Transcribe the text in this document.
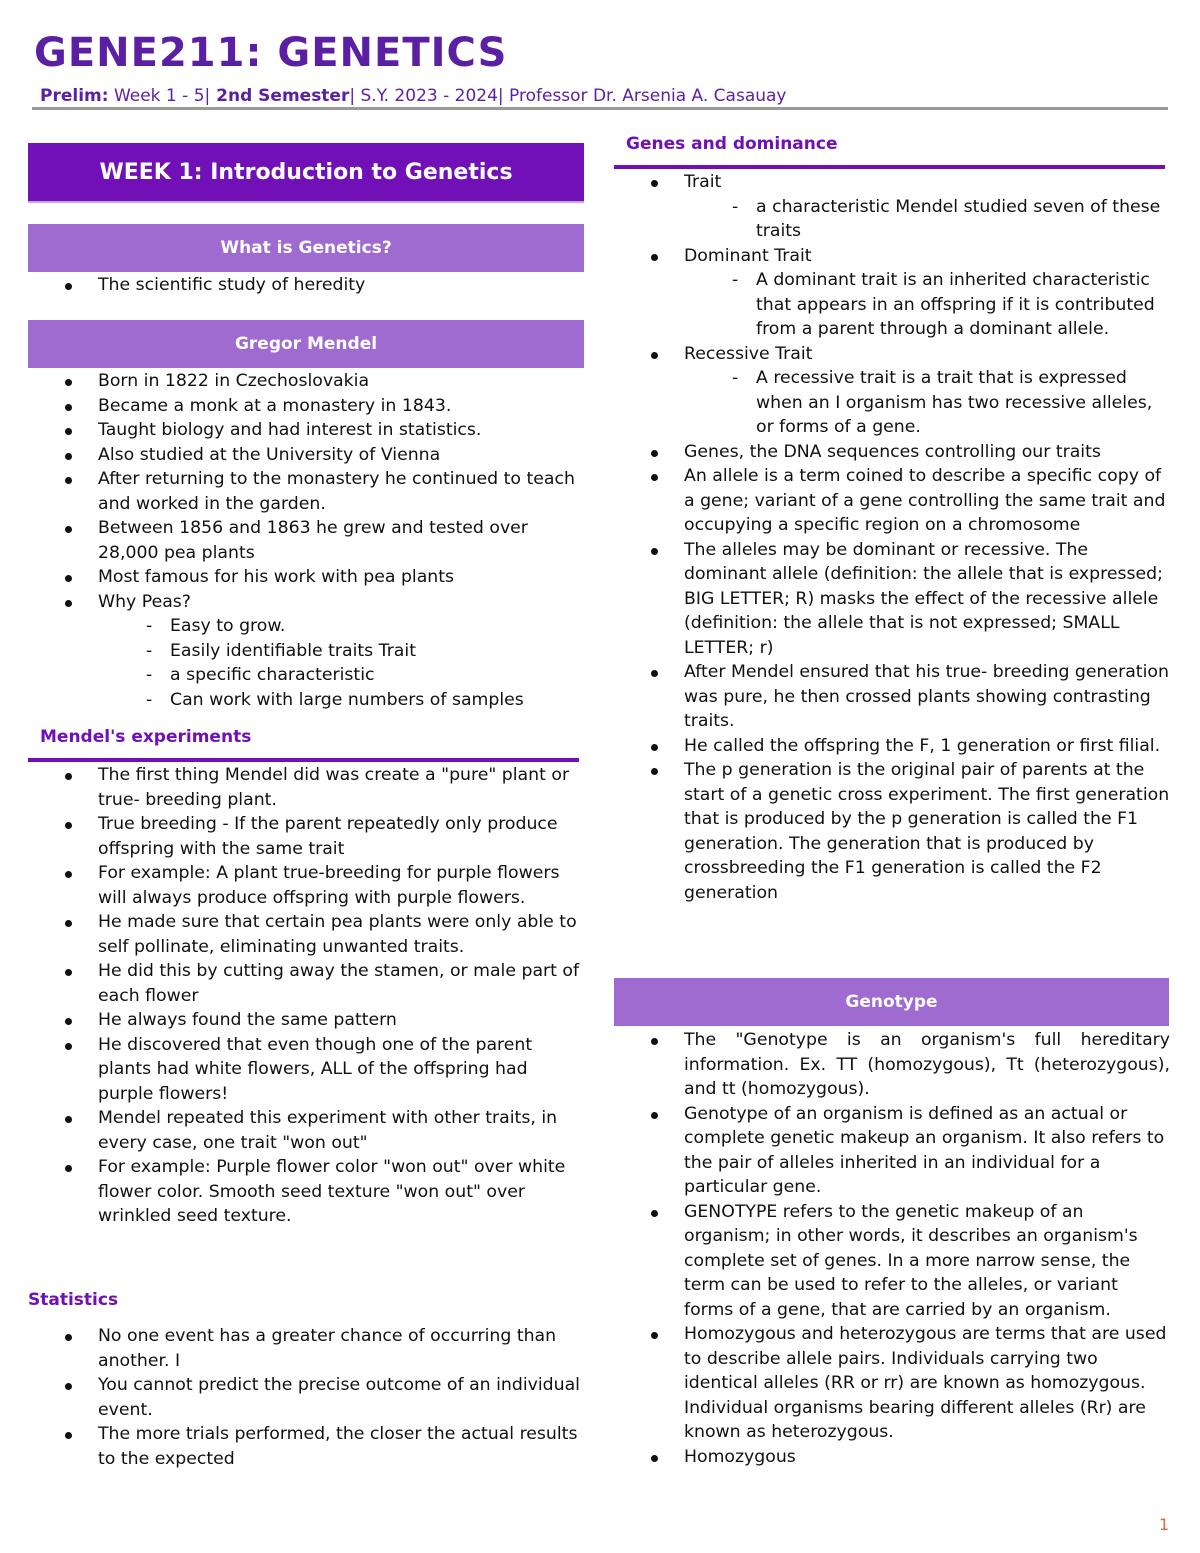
GENE211: GENETICS
Prelim: Week 1 - 5| 2nd Semester| S.Y. 2023 - 2024| Professor Dr. Arsenia A. Casauay
WEEK 1: Introduction to Genetics
What is Genetics?
The scientific study of heredity
Gregor Mendel
Born in 1822 in Czechoslovakia
Became a monk at a monastery in 1843.
Taught biology and had interest in statistics.
Also studied at the University of Vienna
After returning to the monastery he continued to teach and worked in the garden.
Between 1856 and 1863 he grew and tested over 28,000 pea plants
Most famous for his work with pea plants
Why Peas?
- Easy to grow.
- Easily identifiable traits Trait
- a specific characteristic
- Can work with large numbers of samples
Mendel's experiments
The first thing Mendel did was create a "pure" plant or true- breeding plant.
True breeding - If the parent repeatedly only produce offspring with the same trait
For example: A plant true-breeding for purple flowers will always produce offspring with purple flowers.
He made sure that certain pea plants were only able to self pollinate, eliminating unwanted traits.
He did this by cutting away the stamen, or male part of each flower
He always found the same pattern
He discovered that even though one of the parent plants had white flowers, ALL of the offspring had purple flowers!
Mendel repeated this experiment with other traits, in every case, one trait "won out"
For example: Purple flower color "won out" over white flower color. Smooth seed texture "won out" over wrinkled seed texture.
Statistics
No one event has a greater chance of occurring than another. I
You cannot predict the precise outcome of an individual event.
The more trials performed, the closer the actual results to the expected
Genes and dominance
Trait
- a characteristic Mendel studied seven of these traits
Dominant Trait
- A dominant trait is an inherited characteristic that appears in an offspring if it is contributed from a parent through a dominant allele.
Recessive Trait
- A recessive trait is a trait that is expressed when an I organism has two recessive alleles, or forms of a gene.
Genes, the DNA sequences controlling our traits
An allele is a term coined to describe a specific copy of a gene; variant of a gene controlling the same trait and occupying a specific region on a chromosome
The alleles may be dominant or recessive. The dominant allele (definition: the allele that is expressed; BIG LETTER; R) masks the effect of the recessive allele (definition: the allele that is not expressed; SMALL LETTER; r)
After Mendel ensured that his true- breeding generation was pure, he then crossed plants showing contrasting traits.
He called the offspring the F, 1 generation or first filial.
The p generation is the original pair of parents at the start of a genetic cross experiment. The first generation that is produced by the p generation is called the F1 generation. The generation that is produced by crossbreeding the F1 generation is called the F2 generation
Genotype
The "Genotype is an organism's full hereditary information. Ex. TT (homozygous), Tt (heterozygous), and tt (homozygous).
Genotype of an organism is defined as an actual or complete genetic makeup an organism. It also refers to the pair of alleles inherited in an individual for a particular gene.
GENOTYPE refers to the genetic makeup of an organism; in other words, it describes an organism's complete set of genes. In a more narrow sense, the term can be used to refer to the alleles, or variant forms of a gene, that are carried by an organism.
Homozygous and heterozygous are terms that are used to describe allele pairs. Individuals carrying two identical alleles (RR or rr) are known as homozygous. Individual organisms bearing different alleles (Rr) are known as heterozygous.
Homozygous
1
